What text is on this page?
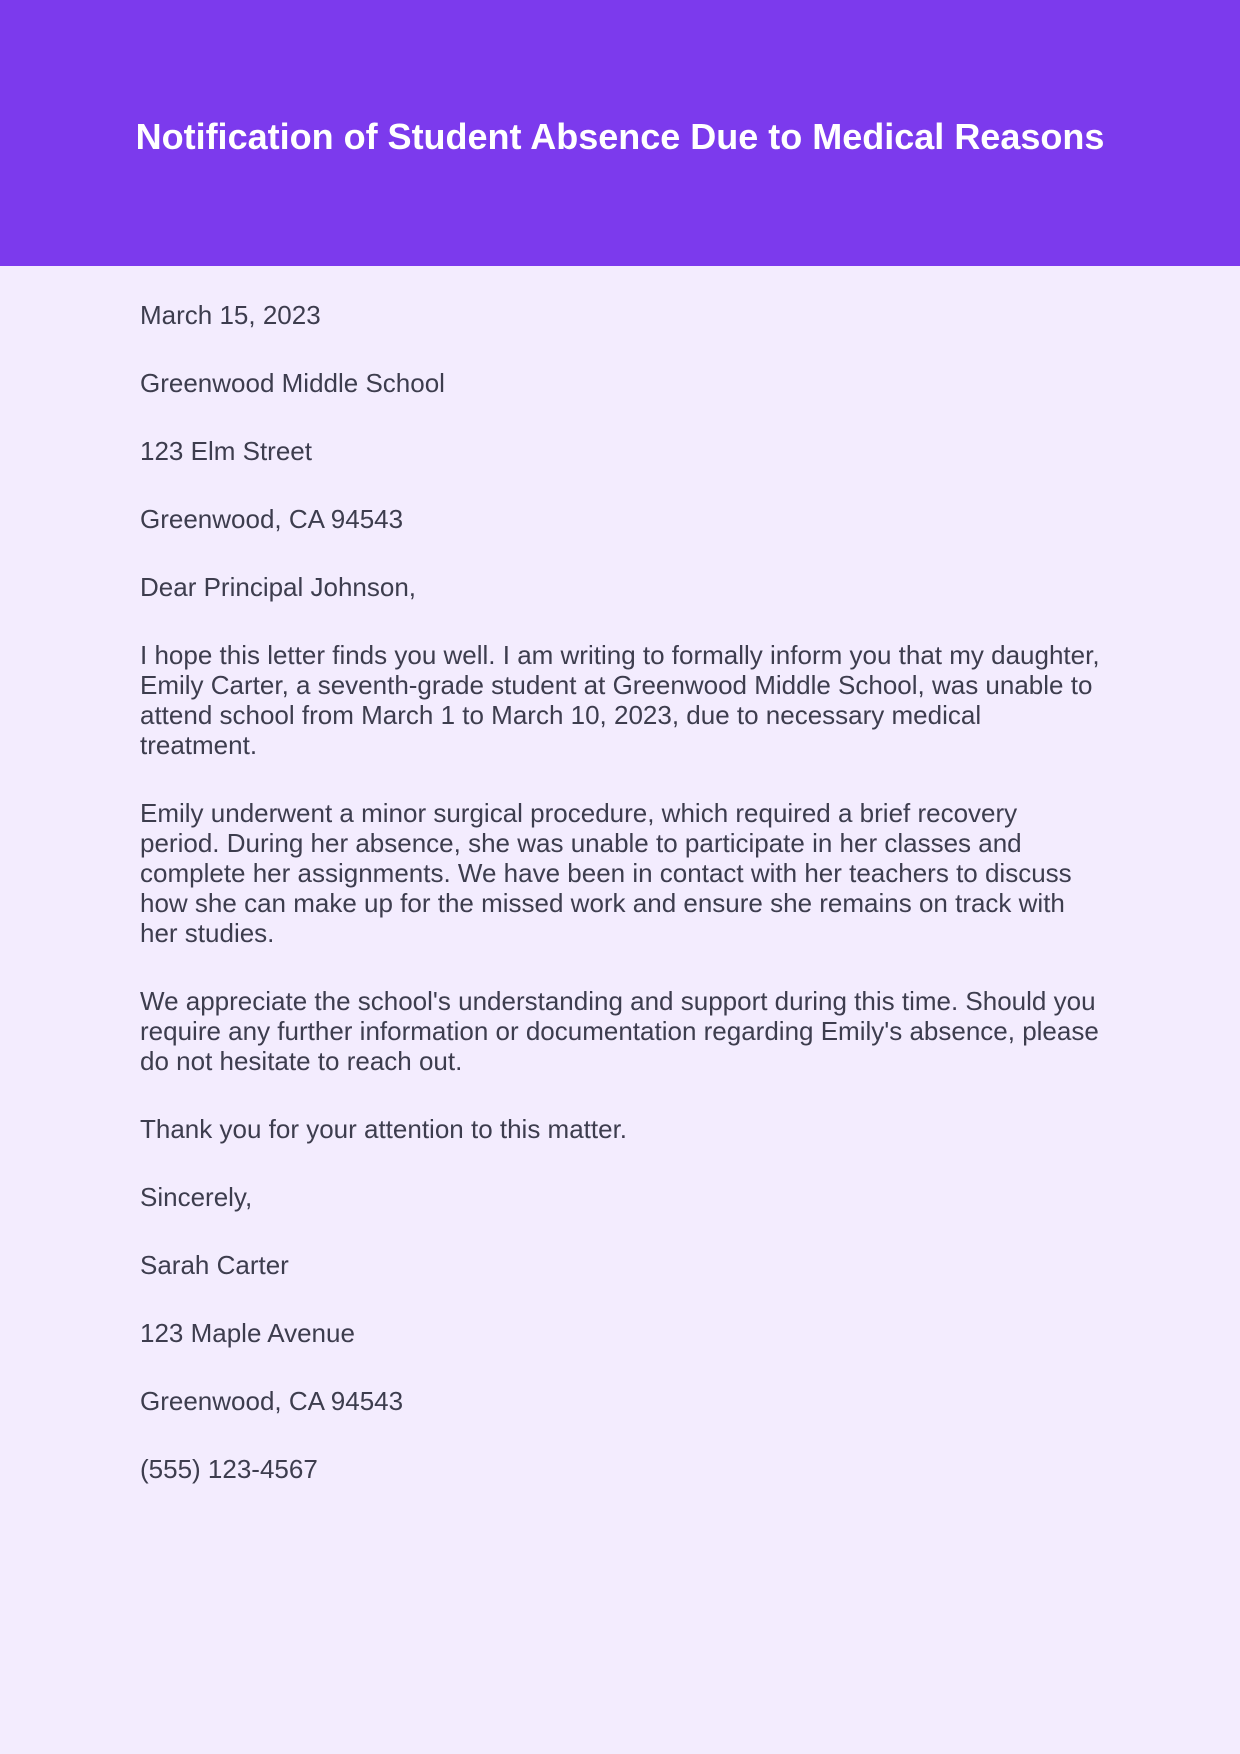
Notification of Student Absence Due to Medical Reasons

March 15, 2023

Greenwood Middle School

123 Elm Street

Greenwood, CA 94543

Dear Principal Johnson,

I hope this letter finds you well. I am writing to formally inform you that my daughter, Emily Carter, a seventh-grade student at Greenwood Middle School, was unable to attend school from March 1 to March 10, 2023, due to necessary medical treatment.

Emily underwent a minor surgical procedure, which required a brief recovery period. During her absence, she was unable to participate in her classes and complete her assignments. We have been in contact with her teachers to discuss how she can make up for the missed work and ensure she remains on track with her studies.

We appreciate the school's understanding and support during this time. Should you require any further information or documentation regarding Emily's absence, please do not hesitate to reach out.

Thank you for your attention to this matter.

Sincerely,

Sarah Carter

123 Maple Avenue

Greenwood, CA 94543

(555) 123-4567
